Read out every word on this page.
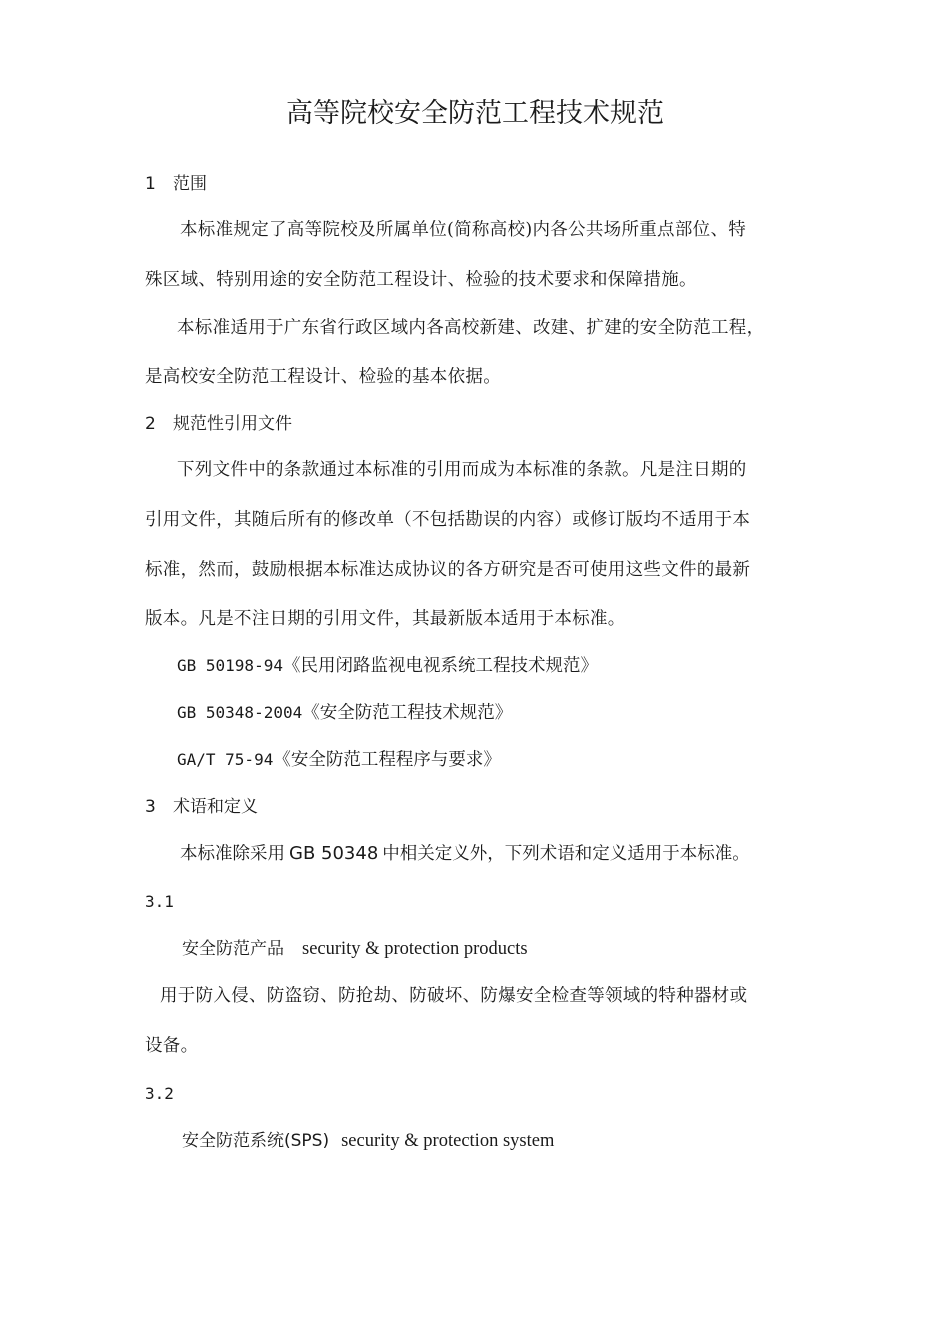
高等院校安全防范工程技术规范
1 范围
本标准规定了高等院校及所属单位(简称高校)内各公共场所重点部位、特
殊区域、特别用途的安全防范工程设计、检验的技术要求和保障措施。
本标准适用于广东省行政区域内各高校新建、改建、扩建的安全防范工程，
是高校安全防范工程设计、检验的基本依据。
2 规范性引用文件
下列文件中的条款通过本标准的引用而成为本标准的条款。凡是注日期的
引用文件，其随后所有的修改单（不包括勘误的内容）或修订版均不适用于本
标准，然而，鼓励根据本标准达成协议的各方研究是否可使用这些文件的最新
版本。凡是不注日期的引用文件，其最新版本适用于本标准。
GB 50198-94《民用闭路监视电视系统工程技术规范》
GB 50348-2004《安全防范工程技术规范》
GA/T 75-94《安全防范工程程序与要求》
3 术语和定义
本标准除采用 GB 50348 中相关定义外，下列术语和定义适用于本标准。
3.1
安全防范产品 security & protection products
用于防入侵、防盗窃、防抢劫、防破坏、防爆安全检查等领域的特种器材或
设备。
3.2
安全防范系统(SPS) security & protection system
